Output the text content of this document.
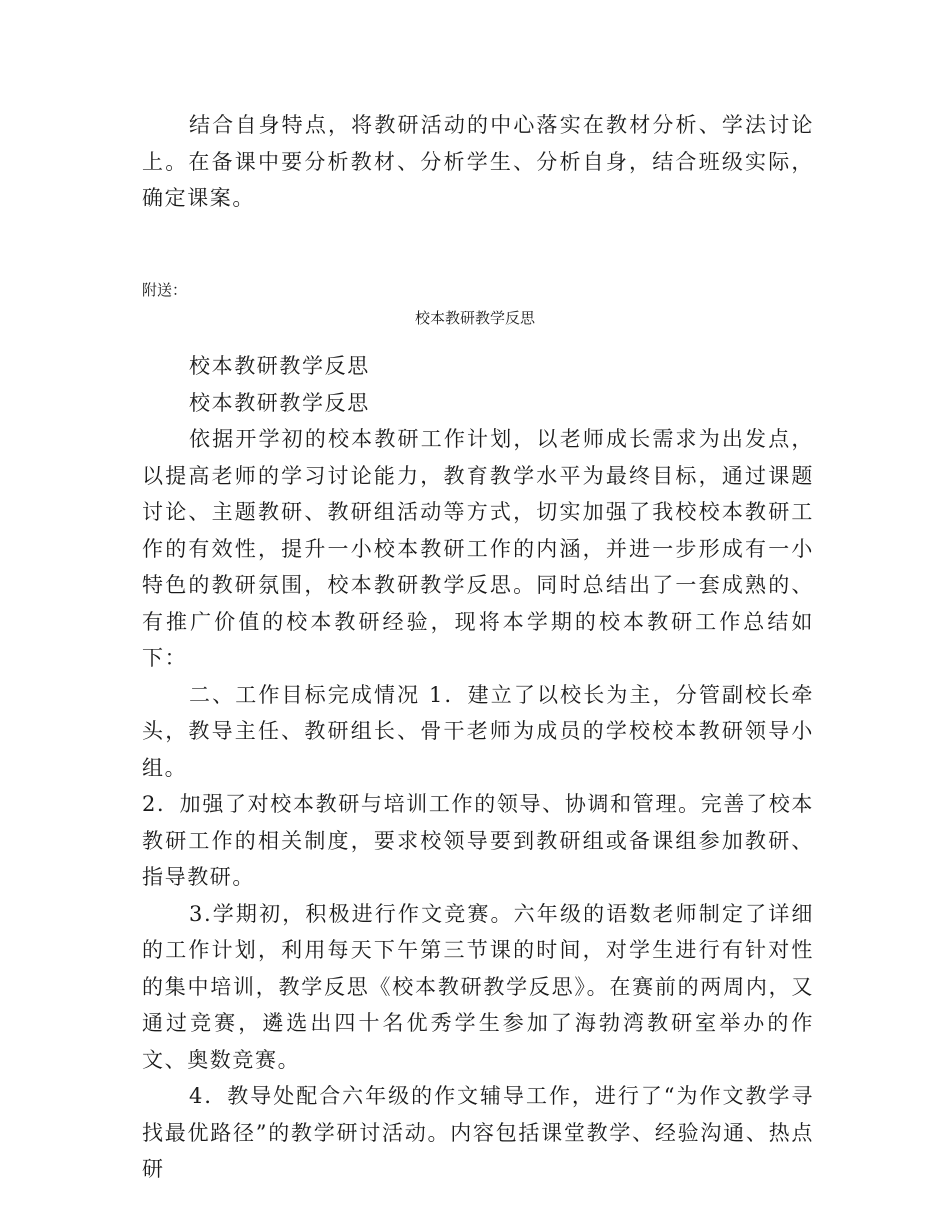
结合自身特点，将教研活动的中心落实在教材分析、学法讨论上。在备课中要分析教材、分析学生、分析自身，结合班级实际，确定课案。

附送：

校本教研教学反思

校本教研教学反思

校本教研教学反思

依据开学初的校本教研工作计划，以老师成长需求为出发点，以提高老师的学习讨论能力，教育教学水平为最终目标，通过课题讨论、主题教研、教研组活动等方式，切实加强了我校校本教研工作的有效性，提升一小校本教研工作的内涵，并进一步形成有一小特色的教研氛围，校本教研教学反思。同时总结出了一套成熟的、有推广价值的校本教研经验，现将本学期的校本教研工作总结如下：

二、工作目标完成情况 1．建立了以校长为主，分管副校长牵头，教导主任、教研组长、骨干老师为成员的学校校本教研领导小组。

2．加强了对校本教研与培训工作的领导、协调和管理。完善了校本教研工作的相关制度，要求校领导要到教研组或备课组参加教研、指导教研。

3.学期初，积极进行作文竞赛。六年级的语数老师制定了详细的工作计划，利用每天下午第三节课的时间，对学生进行有针对性的集中培训，教学反思《校本教研教学反思》。在赛前的两周内，又通过竞赛，遴选出四十名优秀学生参加了海勃湾教研室举办的作文、奥数竞赛。

4．教导处配合六年级的作文辅导工作，进行了“为作文教学寻找最优路径”的教学研讨活动。内容包括课堂教学、经验沟通、热点研
